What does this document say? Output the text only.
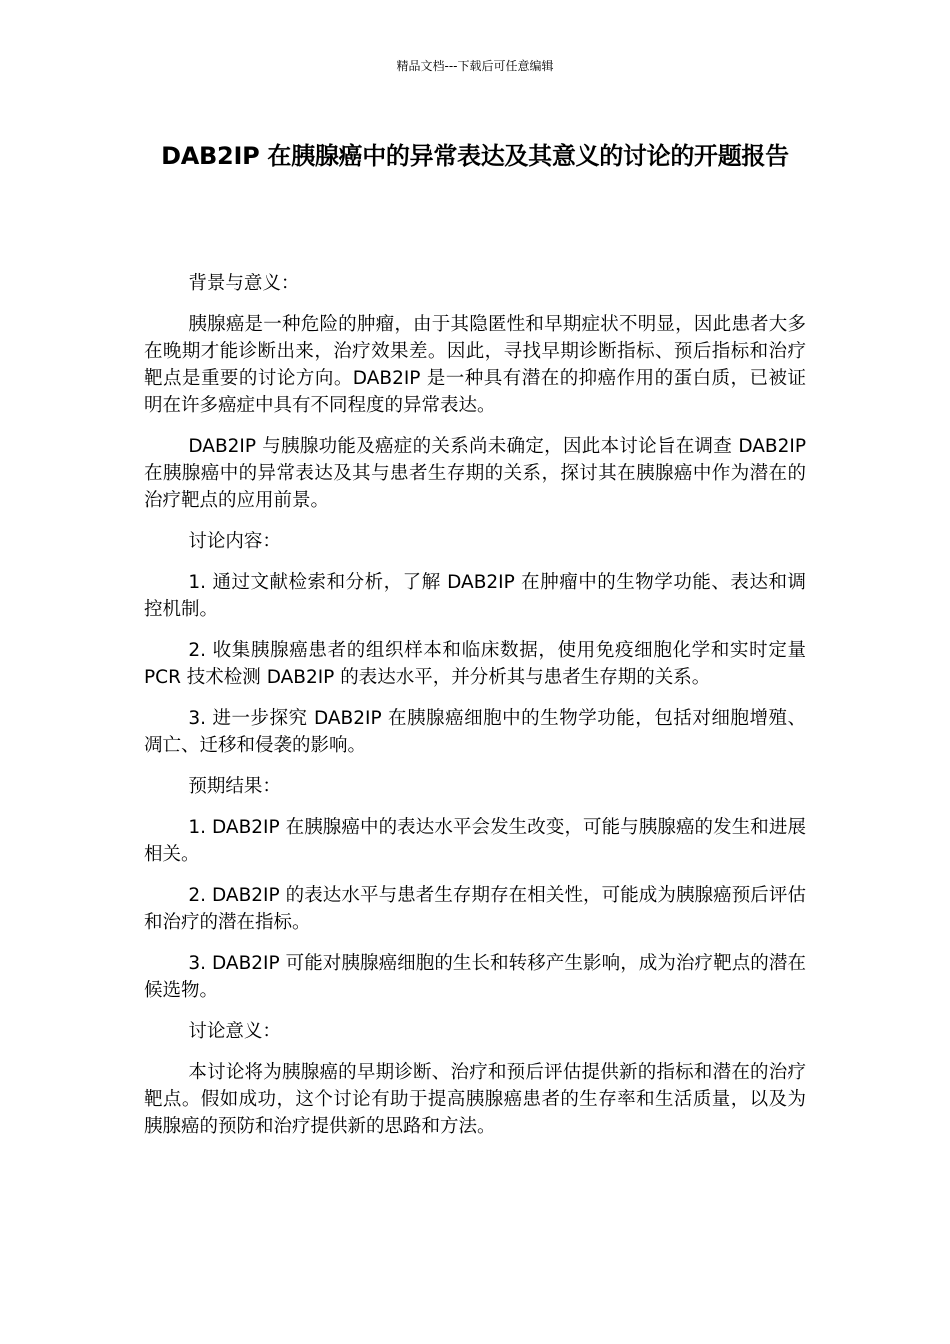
精品文档---下载后可任意编辑
DAB2IP 在胰腺癌中的异常表达及其意义的讨论的开题报告

背景与意义：

胰腺癌是一种危险的肿瘤，由于其隐匿性和早期症状不明显，因此患者大多在晚期才能诊断出来，治疗效果差。因此，寻找早期诊断指标、预后指标和治疗靶点是重要的讨论方向。DAB2IP 是一种具有潜在的抑癌作用的蛋白质，已被证明在许多癌症中具有不同程度的异常表达。

DAB2IP 与胰腺功能及癌症的关系尚未确定，因此本讨论旨在调查 DAB2IP 在胰腺癌中的异常表达及其与患者生存期的关系，探讨其在胰腺癌中作为潜在的治疗靶点的应用前景。

讨论内容：

1. 通过文献检索和分析，了解 DAB2IP 在肿瘤中的生物学功能、表达和调控机制。

2. 收集胰腺癌患者的组织样本和临床数据，使用免疫细胞化学和实时定量 PCR 技术检测 DAB2IP 的表达水平，并分析其与患者生存期的关系。

3. 进一步探究 DAB2IP 在胰腺癌细胞中的生物学功能，包括对细胞增殖、凋亡、迁移和侵袭的影响。

预期结果：

1. DAB2IP 在胰腺癌中的表达水平会发生改变，可能与胰腺癌的发生和进展相关。

2. DAB2IP 的表达水平与患者生存期存在相关性，可能成为胰腺癌预后评估和治疗的潜在指标。

3. DAB2IP 可能对胰腺癌细胞的生长和转移产生影响，成为治疗靶点的潜在候选物。

讨论意义：

本讨论将为胰腺癌的早期诊断、治疗和预后评估提供新的指标和潜在的治疗靶点。假如成功，这个讨论有助于提高胰腺癌患者的生存率和生活质量，以及为胰腺癌的预防和治疗提供新的思路和方法。
